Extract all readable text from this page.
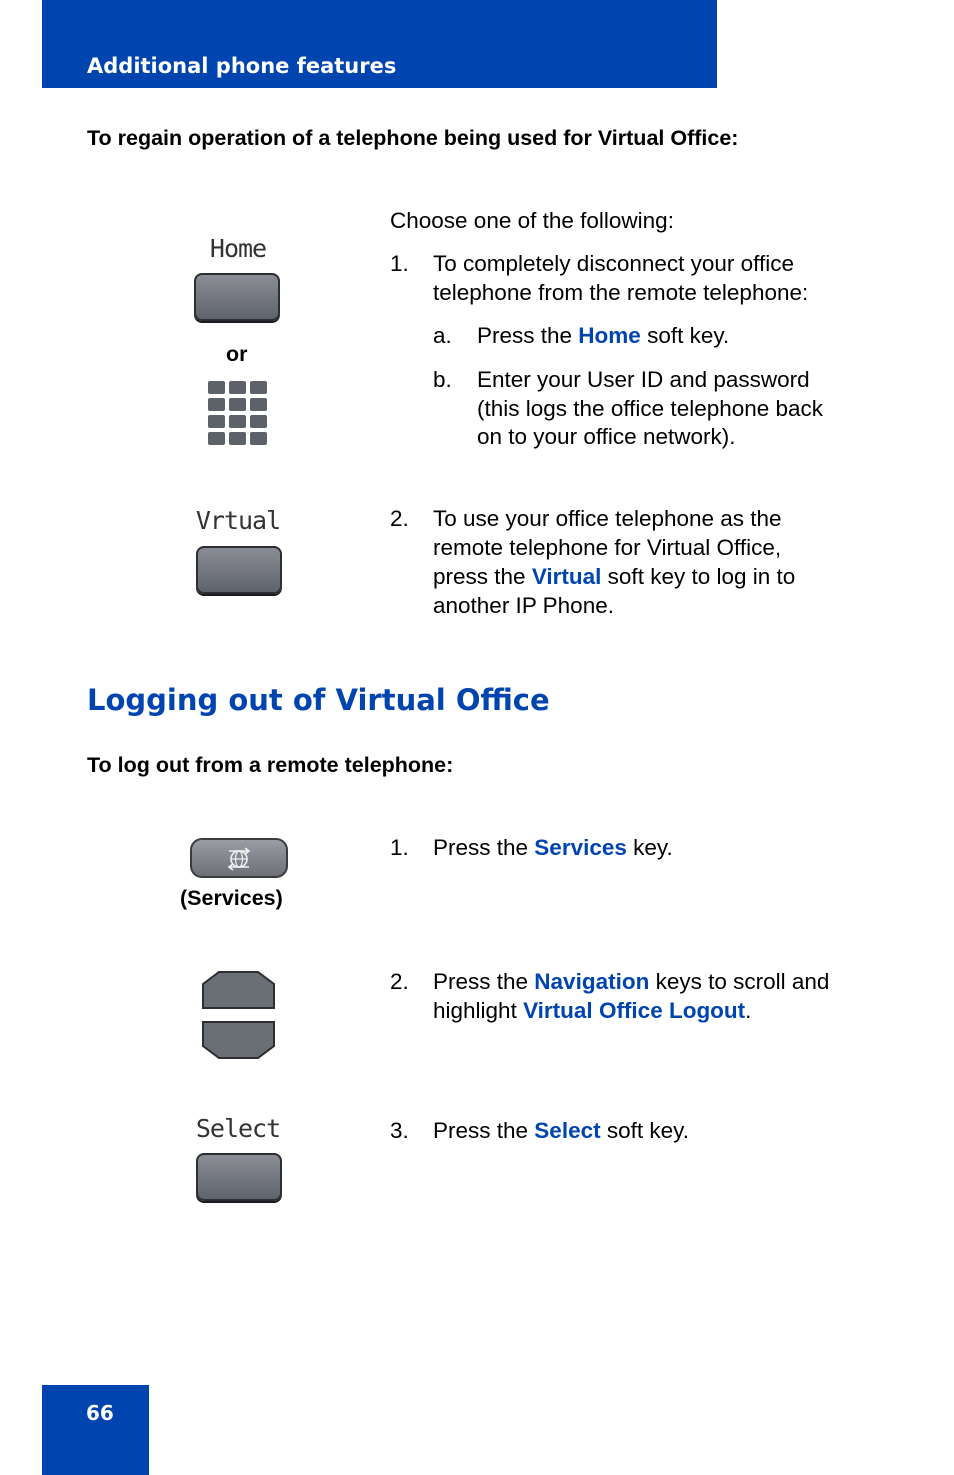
Additional phone features
To regain operation of a telephone being used for Virtual Office:
Home
or
Choose one of the following:
1. To completely disconnect your office
telephone from the remote telephone:
a. Press the Home soft key.
b. Enter your User ID and password
(this logs the office telephone back
on to your office network).
Vrtual	2. To use your office telephone as the
remote telephone for Virtual Office,
press the Virtual soft key to log in to
another IP Phone.
Logging out of Virtual Office
To log out from a remote telephone:
(Services)
1. Press the Services key.
2. Press the Navigation keys to scroll and
highlight Virtual Office Logout.
Select	3. Press the Select soft key.
66
